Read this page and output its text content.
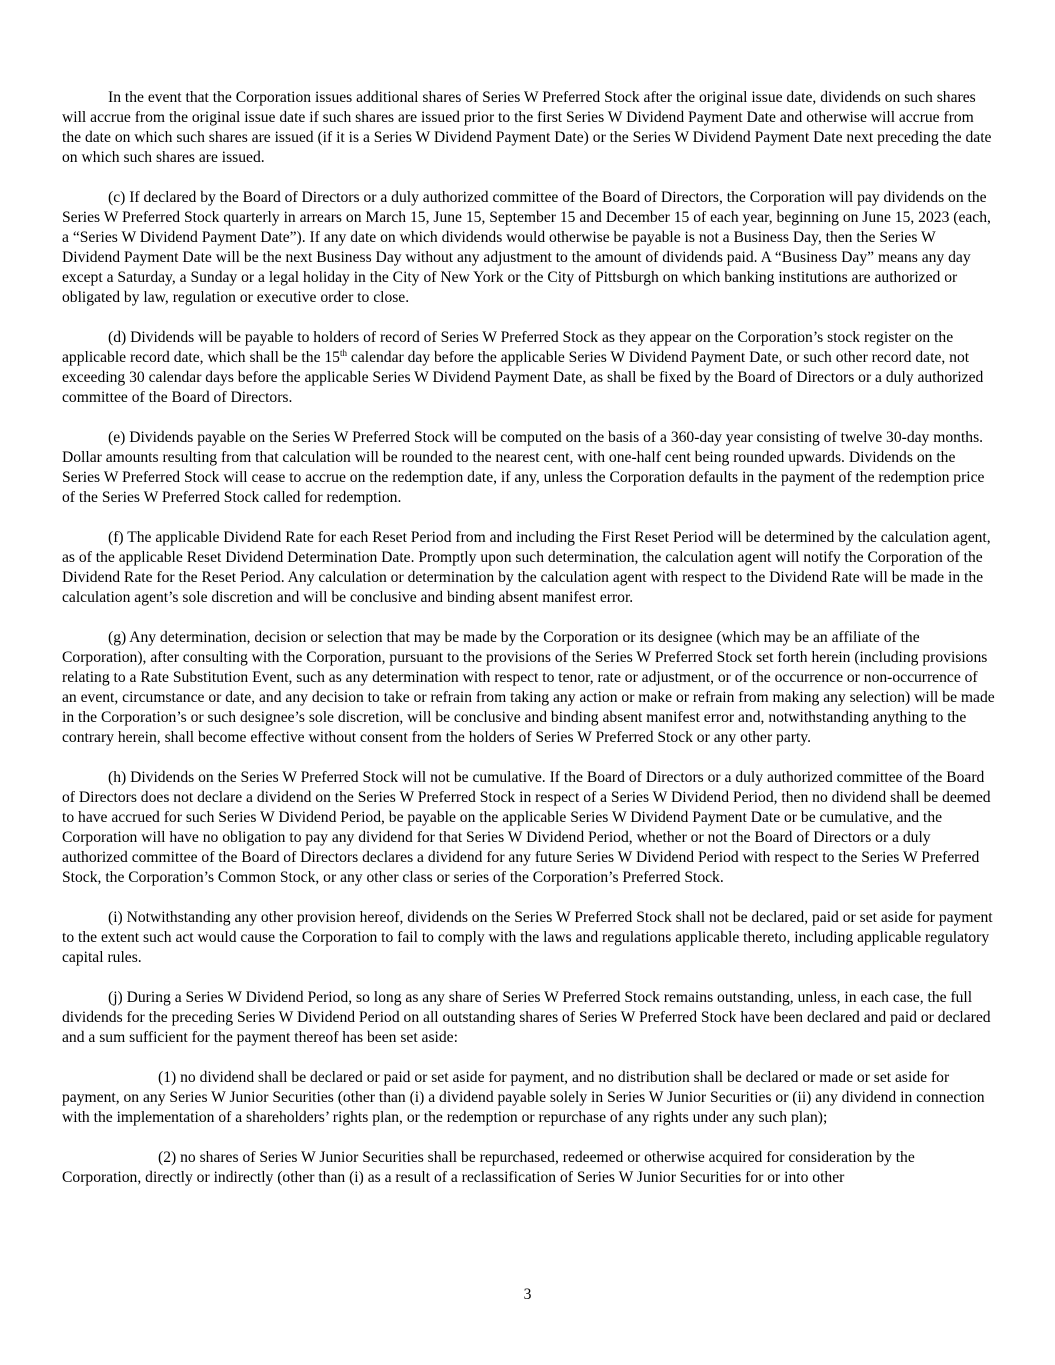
In the event that the Corporation issues additional shares of Series W Preferred Stock after the original issue date, dividends on such shares will accrue from the original issue date if such shares are issued prior to the first Series W Dividend Payment Date and otherwise will accrue from the date on which such shares are issued (if it is a Series W Dividend Payment Date) or the Series W Dividend Payment Date next preceding the date on which such shares are issued.

(c) If declared by the Board of Directors or a duly authorized committee of the Board of Directors, the Corporation will pay dividends on the Series W Preferred Stock quarterly in arrears on March 15, June 15, September 15 and December 15 of each year, beginning on June 15, 2023 (each, a “Series W Dividend Payment Date”). If any date on which dividends would otherwise be payable is not a Business Day, then the Series W Dividend Payment Date will be the next Business Day without any adjustment to the amount of dividends paid. A “Business Day” means any day except a Saturday, a Sunday or a legal holiday in the City of New York or the City of Pittsburgh on which banking institutions are authorized or obligated by law, regulation or executive order to close.

(d) Dividends will be payable to holders of record of Series W Preferred Stock as they appear on the Corporation’s stock register on the applicable record date, which shall be the 15th calendar day before the applicable Series W Dividend Payment Date, or such other record date, not exceeding 30 calendar days before the applicable Series W Dividend Payment Date, as shall be fixed by the Board of Directors or a duly authorized committee of the Board of Directors.

(e) Dividends payable on the Series W Preferred Stock will be computed on the basis of a 360-day year consisting of twelve 30-day months. Dollar amounts resulting from that calculation will be rounded to the nearest cent, with one-half cent being rounded upwards. Dividends on the Series W Preferred Stock will cease to accrue on the redemption date, if any, unless the Corporation defaults in the payment of the redemption price of the Series W Preferred Stock called for redemption.

(f) The applicable Dividend Rate for each Reset Period from and including the First Reset Period will be determined by the calculation agent, as of the applicable Reset Dividend Determination Date. Promptly upon such determination, the calculation agent will notify the Corporation of the Dividend Rate for the Reset Period. Any calculation or determination by the calculation agent with respect to the Dividend Rate will be made in the calculation agent’s sole discretion and will be conclusive and binding absent manifest error.

(g) Any determination, decision or selection that may be made by the Corporation or its designee (which may be an affiliate of the Corporation), after consulting with the Corporation, pursuant to the provisions of the Series W Preferred Stock set forth herein (including provisions relating to a Rate Substitution Event, such as any determination with respect to tenor, rate or adjustment, or of the occurrence or non-occurrence of an event, circumstance or date, and any decision to take or refrain from taking any action or make or refrain from making any selection) will be made in the Corporation’s or such designee’s sole discretion, will be conclusive and binding absent manifest error and, notwithstanding anything to the contrary herein, shall become effective without consent from the holders of Series W Preferred Stock or any other party.

(h) Dividends on the Series W Preferred Stock will not be cumulative. If the Board of Directors or a duly authorized committee of the Board of Directors does not declare a dividend on the Series W Preferred Stock in respect of a Series W Dividend Period, then no dividend shall be deemed to have accrued for such Series W Dividend Period, be payable on the applicable Series W Dividend Payment Date or be cumulative, and the Corporation will have no obligation to pay any dividend for that Series W Dividend Period, whether or not the Board of Directors or a duly authorized committee of the Board of Directors declares a dividend for any future Series W Dividend Period with respect to the Series W Preferred Stock, the Corporation’s Common Stock, or any other class or series of the Corporation’s Preferred Stock.

(i) Notwithstanding any other provision hereof, dividends on the Series W Preferred Stock shall not be declared, paid or set aside for payment to the extent such act would cause the Corporation to fail to comply with the laws and regulations applicable thereto, including applicable regulatory capital rules.

(j) During a Series W Dividend Period, so long as any share of Series W Preferred Stock remains outstanding, unless, in each case, the full dividends for the preceding Series W Dividend Period on all outstanding shares of Series W Preferred Stock have been declared and paid or declared and a sum sufficient for the payment thereof has been set aside:

(1) no dividend shall be declared or paid or set aside for payment, and no distribution shall be declared or made or set aside for payment, on any Series W Junior Securities (other than (i) a dividend payable solely in Series W Junior Securities or (ii) any dividend in connection with the implementation of a shareholders’ rights plan, or the redemption or repurchase of any rights under any such plan);

(2) no shares of Series W Junior Securities shall be repurchased, redeemed or otherwise acquired for consideration by the Corporation, directly or indirectly (other than (i) as a result of a reclassification of Series W Junior Securities for or into other

3
